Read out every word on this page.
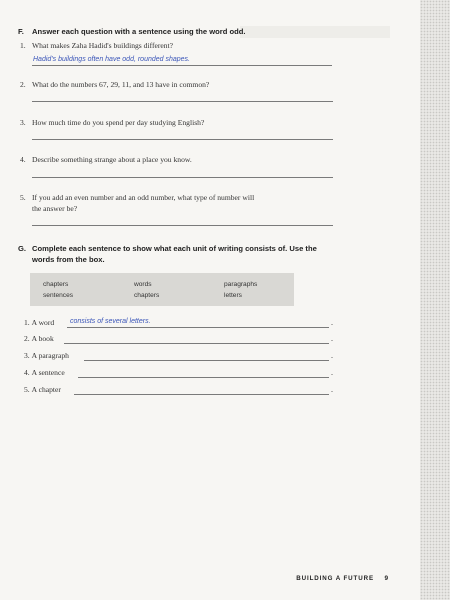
F. Answer each question with a sentence using the word odd.
1. What makes Zaha Hadid's buildings different?
Hadid's buildings often have odd, rounded shapes.
2. What do the numbers 67, 29, 11, and 13 have in common?
3. How much time do you spend per day studying English?
4. Describe something strange about a place you know.
5. If you add an even number and an odd number, what type of number will
the answer be?
G. Complete each sentence to show what each unit of writing consists of. Use the
words from the box.
chapters	words	paragraphs
sentences	chapters	letters
1. A word consists of several letters.	.
2. A book	.
3. A paragraph	.
4. A sentence	.
5. A chapter	.
BUILDING A FUTURE 9
